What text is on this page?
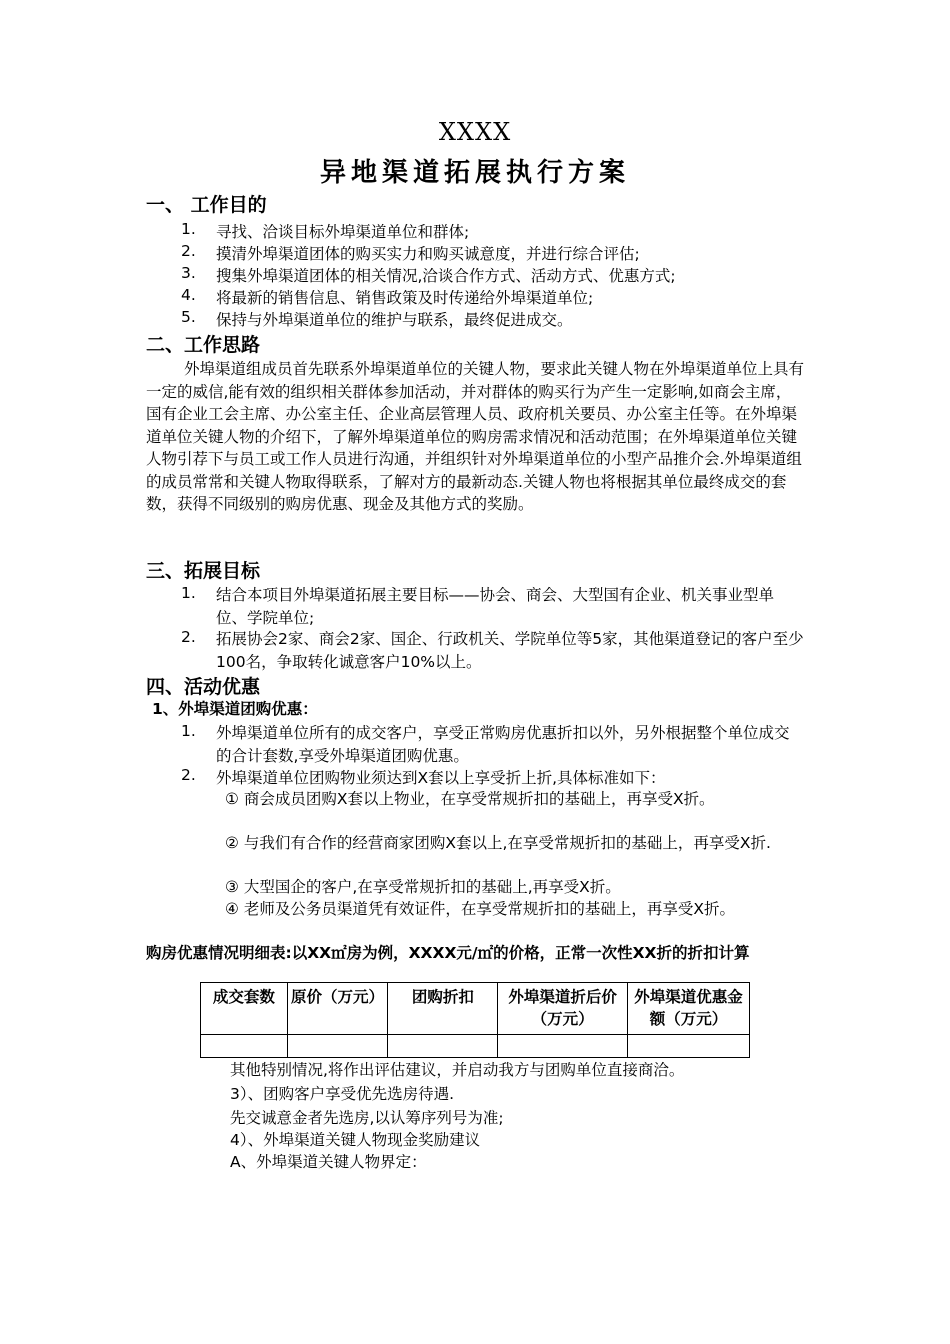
XXXX
异地渠道拓展执行方案
一、 工作目的
1. 寻找、洽谈目标外埠渠道单位和群体;
2. 摸清外埠渠道团体的购买实力和购买诚意度，并进行综合评估;
3. 搜集外埠渠道团体的相关情况,洽谈合作方式、活动方式、优惠方式;
4. 将最新的销售信息、销售政策及时传递给外埠渠道单位;
5. 保持与外埠渠道单位的维护与联系，最终促进成交。
二、工作思路
外埠渠道组成员首先联系外埠渠道单位的关键人物，要求此关键人物在外埠渠道单位上具有一定的威信,能有效的组织相关群体参加活动，并对群体的购买行为产生一定影响,如商会主席，国有企业工会主席、办公室主任、企业高层管理人员、政府机关要员、办公室主任等。在外埠渠道单位关键人物的介绍下，了解外埠渠道单位的购房需求情况和活动范围；在外埠渠道单位关键人物引荐下与员工或工作人员进行沟通，并组织针对外埠渠道单位的小型产品推介会.外埠渠道组的成员常常和关键人物取得联系，了解对方的最新动态.关键人物也将根据其单位最终成交的套数，获得不同级别的购房优惠、现金及其他方式的奖励。
三、拓展目标
1. 结合本项目外埠渠道拓展主要目标——协会、商会、大型国有企业、机关事业型单位、学院单位;
2. 拓展协会2家、商会2家、国企、行政机关、学院单位等5家，其他渠道登记的客户至少100名，争取转化诚意客户10%以上。
四、活动优惠
1、外埠渠道团购优惠：
1. 外埠渠道单位所有的成交客户，享受正常购房优惠折扣以外，另外根据整个单位成交的合计套数,享受外埠渠道团购优惠。
2. 外埠渠道单位团购物业须达到X套以上享受折上折,具体标准如下：
① 商会成员团购X套以上物业，在享受常规折扣的基础上，再享受X折。
② 与我们有合作的经营商家团购X套以上,在享受常规折扣的基础上，再享受X折.
③ 大型国企的客户,在享受常规折扣的基础上,再享受X折。
④ 老师及公务员渠道凭有效证件，在享受常规折扣的基础上，再享受X折。
购房优惠情况明细表:以XX㎡房为例，XXXX元/㎡的价格，正常一次性XX折的折扣计算
成交套数	原价（万元）	团购折扣	外埠渠道折后价（万元）	外埠渠道优惠金额（万元）

其他特别情况,将作出评估建议，并启动我方与团购单位直接商洽。
3）、团购客户享受优先选房待遇.
先交诚意金者先选房,以认筹序列号为准;
4）、外埠渠道关键人物现金奖励建议
A、外埠渠道关键人物界定：
